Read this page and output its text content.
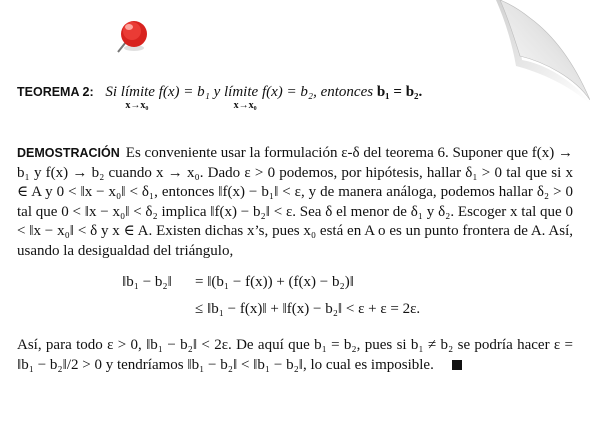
TEOREMA 2: Si límite
x→x₀
f(x) = b₁ y límite
x→x₀
f(x) = b₂, entonces b₁ = b₂.
DEMOSTRACIÓN Es conveniente usar la formulación ε-δ del teorema 6. Suponer que f(x) → b₁ y f(x) → b₂ cuando x → x₀. Dado ε > 0 podemos, por hipótesis, hallar δ₁ > 0 tal que si x ∈ A y 0 < ‖x − x₀‖ < δ₁, entonces ‖f(x) − b₁‖ < ε, y de manera análoga, podemos hallar δ₂ > 0 tal que 0 < ‖x − x₀‖ < δ₂ implica ‖f(x) − b₂‖ < ε. Sea δ el menor de δ₁ y δ₂. Escoger x tal que 0 < ‖x − x₀‖ < δ y x ∈ A. Existen dichas x’s, pues x₀ está en A o es un punto frontera de A. Así, usando la desigualdad del triángulo,
‖b₁ − b₂‖ = ‖(b₁ − f(x)) + (f(x) − b₂)‖
≤ ‖b₁ − f(x)‖ + ‖f(x) − b₂‖ < ε + ε = 2ε.
Así, para todo ε > 0, ‖b₁ − b₂‖ < 2ε. De aquí que b₁ = b₂, pues si b₁ ≠ b₂ se podría hacer ε = ‖b₁ − b₂‖/2 > 0 y tendríamos ‖b₁ − b₂‖ < ‖b₁ − b₂‖, lo cual es imposible.
